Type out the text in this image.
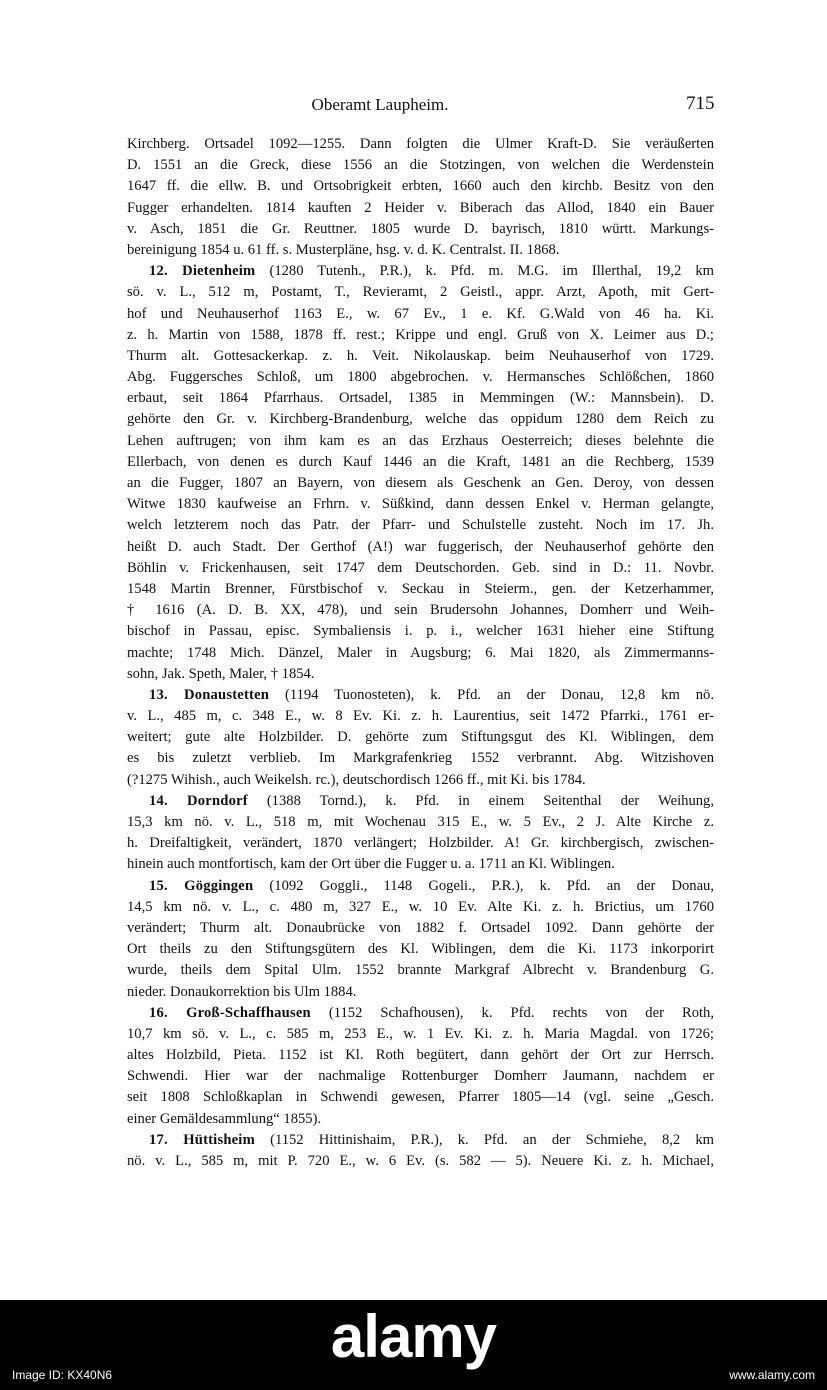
Oberamt Laupheim.	715
Kirchberg. Ortsadel 1092—1255. Dann folgten die Ulmer Kraft-D. Sie veräußerten
D. 1551 an die Greck, diese 1556 an die Stotzingen, von welchen die Werdenstein
1647 ff. die ellw. B. und Ortsobrigkeit erbten, 1660 auch den kirchb. Besitz von den
Fugger erhandelten. 1814 kauften 2 Heider v. Biberach das Allod, 1840 ein Bauer
v. Asch, 1851 die Gr. Reuttner. 1805 wurde D. bayrisch, 1810 württ. Markungs-
bereinigung 1854 u. 61 ff. s. Musterpläne, hsg. v. d. K. Centralst. II. 1868.
12. Dietenheim (1280 Tutenh., P.R.), k. Pfd. m. M.G. im Illerthal, 19,2 km
sö. v. L., 512 m, Postamt, T., Revieramt, 2 Geistl., appr. Arzt, Apoth, mit Gert-
hof und Neuhauserhof 1163 E., w. 67 Ev., 1 e. Kf. G.Wald von 46 ha. Ki.
z. h. Martin von 1588, 1878 ff. rest.; Krippe und engl. Gruß von X. Leimer aus D.;
Thurm alt. Gottesackerkap. z. h. Veit. Nikolauskap. beim Neuhauserhof von 1729.
Abg. Fuggersches Schloß, um 1800 abgebrochen. v. Hermansches Schlößchen, 1860
erbaut, seit 1864 Pfarrhaus. Ortsadel, 1385 in Memmingen (W.: Mannsbein). D.
gehörte den Gr. v. Kirchberg-Brandenburg, welche das oppidum 1280 dem Reich zu
Lehen auftrugen; von ihm kam es an das Erzhaus Oesterreich; dieses belehnte die
Ellerbach, von denen es durch Kauf 1446 an die Kraft, 1481 an die Rechberg, 1539
an die Fugger, 1807 an Bayern, von diesem als Geschenk an Gen. Deroy, von dessen
Witwe 1830 kaufweise an Frhrn. v. Süßkind, dann dessen Enkel v. Herman gelangte,
welch letzterem noch das Patr. der Pfarr- und Schulstelle zusteht. Noch im 17. Jh.
heißt D. auch Stadt. Der Gerthof (A!) war fuggerisch, der Neuhauserhof gehörte den
Böhlin v. Frickenhausen, seit 1747 dem Deutschorden. Geb. sind in D.: 11. Novbr.
1548 Martin Brenner, Fürstbischof v. Seckau in Steierm., gen. der Ketzerhammer,
† 1616 (A. D. B. XX, 478), und sein Brudersohn Johannes, Domherr und Weih-
bischof in Passau, episc. Symbaliensis i. p. i., welcher 1631 hieher eine Stiftung
machte; 1748 Mich. Dänzel, Maler in Augsburg; 6. Mai 1820, als Zimmermanns-
sohn, Jak. Speth, Maler, † 1854.
13. Donaustetten (1194 Tuonosteten), k. Pfd. an der Donau, 12,8 km nö.
v. L., 485 m, c. 348 E., w. 8 Ev. Ki. z. h. Laurentius, seit 1472 Pfarrki., 1761 er-
weitert; gute alte Holzbilder. D. gehörte zum Stiftungsgut des Kl. Wiblingen, dem
es bis zuletzt verblieb. Im Markgrafenkrieg 1552 verbrannt. Abg. Witzishoven
(?1275 Wihish., auch Weikelsh. rc.), deutschordisch 1266 ff., mit Ki. bis 1784.
14. Dorndorf (1388 Tornd.), k. Pfd. in einem Seitenthal der Weihung,
15,3 km nö. v. L., 518 m, mit Wochenau 315 E., w. 5 Ev., 2 J. Alte Kirche z.
h. Dreifaltigkeit, verändert, 1870 verlängert; Holzbilder. A! Gr. kirchbergisch, zwischen-
hinein auch montfortisch, kam der Ort über die Fugger u. a. 1711 an Kl. Wiblingen.
15. Göggingen (1092 Goggli., 1148 Gogeli., P.R.), k. Pfd. an der Donau,
14,5 km nö. v. L., c. 480 m, 327 E., w. 10 Ev. Alte Ki. z. h. Brictius, um 1760
verändert; Thurm alt. Donaubrücke von 1882 f. Ortsadel 1092. Dann gehörte der
Ort theils zu den Stiftungsgütern des Kl. Wiblingen, dem die Ki. 1173 inkorporirt
wurde, theils dem Spital Ulm. 1552 brannte Markgraf Albrecht v. Brandenburg G.
nieder. Donaukorrektion bis Ulm 1884.
16. Groß-Schaffhausen (1152 Schafhousen), k. Pfd. rechts von der Roth,
10,7 km sö. v. L., c. 585 m, 253 E., w. 1 Ev. Ki. z. h. Maria Magdal. von 1726;
altes Holzbild, Pieta. 1152 ist Kl. Roth begütert, dann gehört der Ort zur Herrsch.
Schwendi. Hier war der nachmalige Rottenburger Domherr Jaumann, nachdem er
seit 1808 Schloßkaplan in Schwendi gewesen, Pfarrer 1805—14 (vgl. seine „Gesch.
einer Gemäldesammlung“ 1855).
17. Hüttisheim (1152 Hittinishaim, P.R.), k. Pfd. an der Schmiehe, 8,2 km
nö. v. L., 585 m, mit P. 720 E., w. 6 Ev. (s. 582 — 5). Neuere Ki. z. h. Michael,
alamy
Image ID: KX40N6	www.alamy.com
